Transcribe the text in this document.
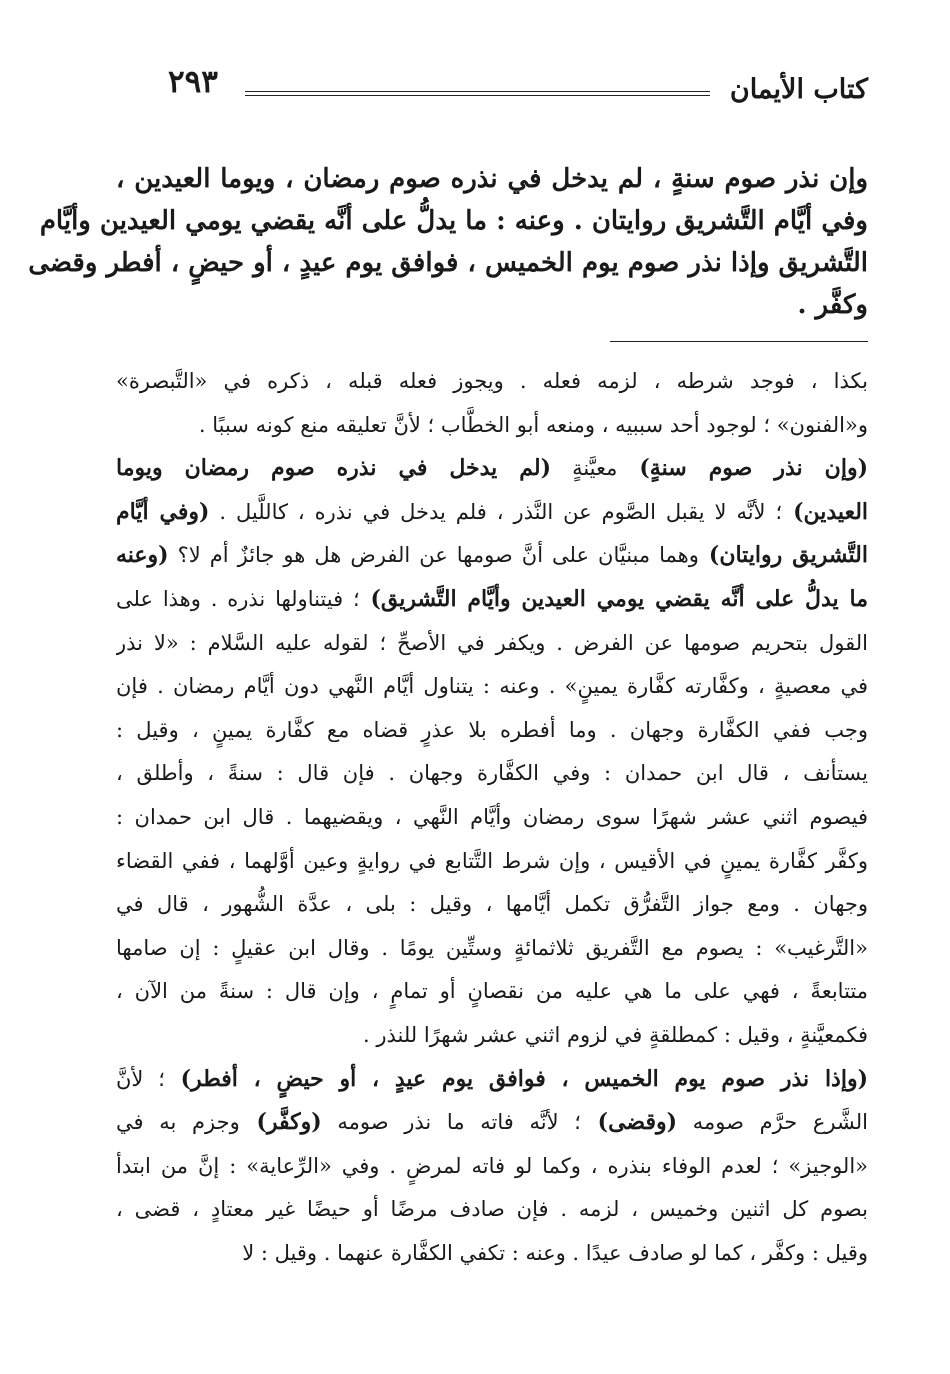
كتاب الأيمان
٢٩٣
وإن نذر صوم سنةٍ ، لم يدخل في نذره صوم رمضان ، ويوما العيدين ،
وفي أيَّام التَّشريق روايتان . وعنه : ما يدلُّ على أنَّه يقضي يومي العيدين وأيَّام
التَّشريق وإذا نذر صوم يوم الخميس ، فوافق يوم عيدٍ ، أو حيضٍ ، أفطر وقضى
وكفَّر .
بكذا ، فوجد شرطه ، لزمه فعله . ويجوز فعله قبله ، ذكره في «التَّبصرة»
و«الفنون» ؛ لوجود أحد سببيه ، ومنعه أبو الخطَّاب ؛ لأنَّ تعليقه منع كونه سببًا .
(وإن نذر صوم سنةٍ) معيَّنةٍ (لم يدخل في نذره صوم رمضان ويوما
العيدين) ؛ لأنَّه لا يقبل الصَّوم عن النَّذر ، فلم يدخل في نذره ، كاللَّيل . (وفي أيَّام
التَّشريق روايتان) وهما مبنيَّان على أنَّ صومها عن الفرض هل هو جائزٌ أم لا؟ (وعنه
ما يدلُّ على أنَّه يقضي يومي العيدين وأيَّام التَّشريق) ؛ فيتناولها نذره . وهذا على
القول بتحريم صومها عن الفرض . ويكفر في الأصحِّ ؛ لقوله عليه السَّلام : «لا نذر
في معصيةٍ ، وكفَّارته كفَّارة يمينٍ» . وعنه : يتناول أيَّام النَّهي دون أيَّام رمضان . فإن
وجب ففي الكفَّارة وجهان . وما أفطره بلا عذرٍ قضاه مع كفَّارة يمينٍ ، وقيل :
يستأنف ، قال ابن حمدان : وفي الكفَّارة وجهان . فإن قال : سنةً ، وأطلق ،
فيصوم اثني عشر شهرًا سوى رمضان وأيَّام النَّهي ، ويقضيهما . قال ابن حمدان :
وكفَّر كفَّارة يمينٍ في الأقيس ، وإن شرط التَّتابع في روايةٍ وعين أوَّلهما ، ففي القضاء
وجهان . ومع جواز التَّفرُّق تكمل أيَّامها ، وقيل : بلى ، عدَّة الشُّهور ، قال في
«التَّرغيب» : يصوم مع التَّفريق ثلاثمائةٍ وستِّين يومًا . وقال ابن عقيلٍ : إن صامها
متتابعةً ، فهي على ما هي عليه من نقصانٍ أو تمامٍ ، وإن قال : سنةً من الآن ،
فكمعيَّنةٍ ، وقيل : كمطلقةٍ في لزوم اثني عشر شهرًا للنذر .
(وإذا نذر صوم يوم الخميس ، فوافق يوم عيدٍ ، أو حيضٍ ، أفطر) ؛ لأنَّ
الشَّرع حرَّم صومه (وقضى) ؛ لأنَّه فاته ما نذر صومه (وكفَّر) وجزم به في
«الوجيز» ؛ لعدم الوفاء بنذره ، وكما لو فاته لمرضٍ . وفي «الرِّعاية» : إنَّ من ابتدأ
بصوم كل اثنين وخميس ، لزمه . فإن صادف مرضًا أو حيضًا غير معتادٍ ، قضى ،
وقيل : وكفَّر ، كما لو صادف عيدًا . وعنه : تكفي الكفَّارة عنهما . وقيل : لا
